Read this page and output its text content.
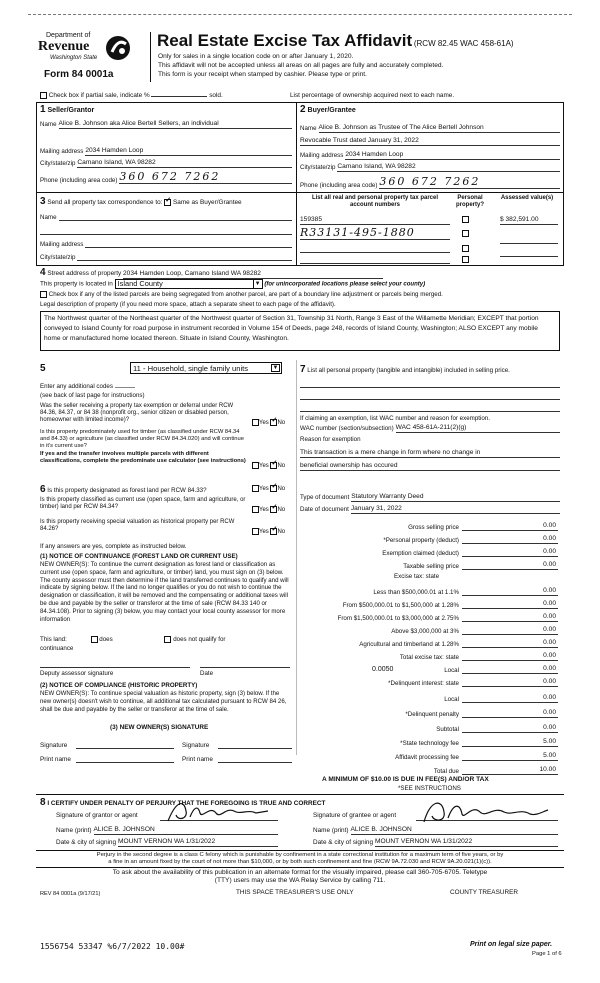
Department of
Revenue
Washington State
Form 84 0001a
Real Estate Excise Tax Affidavit (RCW 82.45 WAC 458-61A)
Only for sales in a single location code on or after January 1, 2020.
This affidavit will not be accepted unless all areas on all pages are fully and accurately completed.
This form is your receipt when stamped by cashier. Please type or print.
Check box if partial sale, indicate %	sold.	List percentage of ownership acquired next to each name.
1 Seller/Grantor
Name Alice B. Johnson aka Alice Bertell Sellers, an individual
Mailing address 2034 Hamden Loop
City/state/zip Camano Island, WA 98282
Phone (including area code) 360 672 7262
2 Buyer/Grantee
Name Alice B. Johnson as Trustee of The Alice Bertell Johnson
Revocable Trust dated January 31, 2022
Mailing address 2034 Hamden Loop
City/state/zip Camano Island, WA 98282
Phone (including area code) 360 672 7262
3 Send all property tax correspondence to: ✓ Same as Buyer/Grantee
Name
Mailing address
City/state/zip
List all real and personal property tax parcel account numbers
Personal property?
Assessed value(s)
159385	$ 382,591.00
R33131-495-1880
4 Street address of property 2034 Hamden Loop, Camano Island WA 98282
This property is located in Island County	▼ (for unincorporated locations please select your county)
Check box if any of the listed parcels are being segregated from another parcel, are part of a boundary line adjustment or parcels being merged.
Legal description of property (if you need more space, attach a separate sheet to each page of the affidavit).
The Northwest quarter of the Northeast quarter of the Northwest quarter of Section 31, Township 31 North, Range 3 East of the Willamette Meridian; EXCEPT that portion conveyed to Island County for road purpose in instrument recorded in Volume 154 of Deeds, page 248, records of Island County, Washington; ALSO EXCEPT any mobile home or manufactured home located thereon. Situate in Island County, Washington.
5	11 - Household, single family units	▼
Enter any additional codes
(see back of last page for instructions)
Was the seller receiving a property tax exemption or deferral under RCW 84.36, 84.37, or 84 38 (nonprofit org., senior citizen or disabled person, homeowner with limited income)?	Yes ✓ No
Is this property predominately used for timber (as classified under RCW 84.34 and 84.33) or agriculture (as classified under RCW 84.34.020) and will continue in it's current use?
If yes and the transfer involves multiple parcels with different classifications, complete the predominate use calculator (see instructions)
Yes ✓ No
6 Is this property designated as forest land per RCW 84.33?	Yes ✓ No
Is this property classified as current use (open space, farm and agriculture, or timber) land per RCW 84.34?	Yes ✓ No
Is this property receiving special valuation as historical property per RCW 84.26?	Yes ✓ No
If any answers are yes, complete as instructed below.
(1) NOTICE OF CONTINUANCE (FOREST LAND OR CURRENT USE)
NEW OWNER(S): To continue the current designation as forest land or classification as current use (open space, farm and agriculture, or timber) land, you must sign on (3) below. The county assessor must then determine if the land transferred continues to qualify and will indicate by signing below. If the land no longer qualifies or you do not wish to continue the designation or classification, it will be removed and the compensating or additional taxes will be due and payable by the seller or transferor at the time of sale (RCW 84.33 140 or 84.34.108). Prior to signing (3) below, you may contact your local county assessor for more information
This land:	does	does not qualify for
continuance
Deputy assessor signature	Date
(2) NOTICE OF COMPLIANCE (HISTORIC PROPERTY)
NEW OWNER(S): To continue special valuation as historic property, sign (3) below. If the new owner(s) doesn't wish to continue, all additional tax calculated pursuant to RCW 84 26, shall be due and payable by the seller or transferor at the time of sale.
(3) NEW OWNER(S) SIGNATURE
Signature	Signature
Print name	Print name
7 List all personal property (tangible and intangible) included in selling price.
If claiming an exemption, list WAC number and reason for exemption.
WAC number (section/subsection) WAC 458-61A-211(2)(g)
Reason for exemption
This transaction is a mere change in form where no change in
beneficial ownership has occured
Type of document Statutory Warranty Deed
Date of document January 31, 2022
Gross selling price	0.00
*Personal property (deduct)	0.00
Exemption claimed (deduct)	0.00
Taxable selling price	0.00
Excise tax: state
Less than $500,000.01 at 1.1%	0.00
From $500,000.01 to $1,500,000 at 1.28%	0.00
From $1,500,000.01 to $3,000,000 at 2.75%	0.00
Above $3,000,000 at 3%	0.00
Agricultural and timberland at 1.28%	0.00
Total excise tax: state	0.00
0.0050	Local	0.00
*Delinquent interest: state	0.00
Local	0.00
*Delinquent penalty	0.00
Subtotal	0.00
*State technology fee	5.00
Affidavit processing fee	5.00
Total due	10.00
A MINIMUM OF $10.00 IS DUE IN FEE(S) AND/OR TAX
*SEE INSTRUCTIONS
8 I CERTIFY UNDER PENALTY OF PERJURY THAT THE FOREGOING IS TRUE AND CORRECT
Signature of grantor or agent	Signature of grantee or agent
Name (print) ALICE B. JOHNSON	Name (print) ALICE B. JOHNSON
Date & city of signing MOUNT VERNON WA 1/31/2022	Date & city of signing MOUNT VERNON WA 1/31/2022
Perjury in the second degree is a class C felony which is punishable by confinement in a state correctional institution for a maximum term of five years, or by
a fine in an amount fixed by the court of not more than $10,000, or by both such confinement and fine (RCW 9A.72.030 and RCW 9A.20.021(1)(c)).
To ask about the availability of this publication in an alternate format for the visually impaired, please call 360-705-6705. Teletype
(TTY) users may use the WA Relay Service by calling 711.
REV 84 0001a (9/17/21)	THIS SPACE TREASURER'S USE ONLY	COUNTY TREASURER
1556754 53347 %6/7/2022 10.00#	Print on legal size paper.
Page 1 of 6
